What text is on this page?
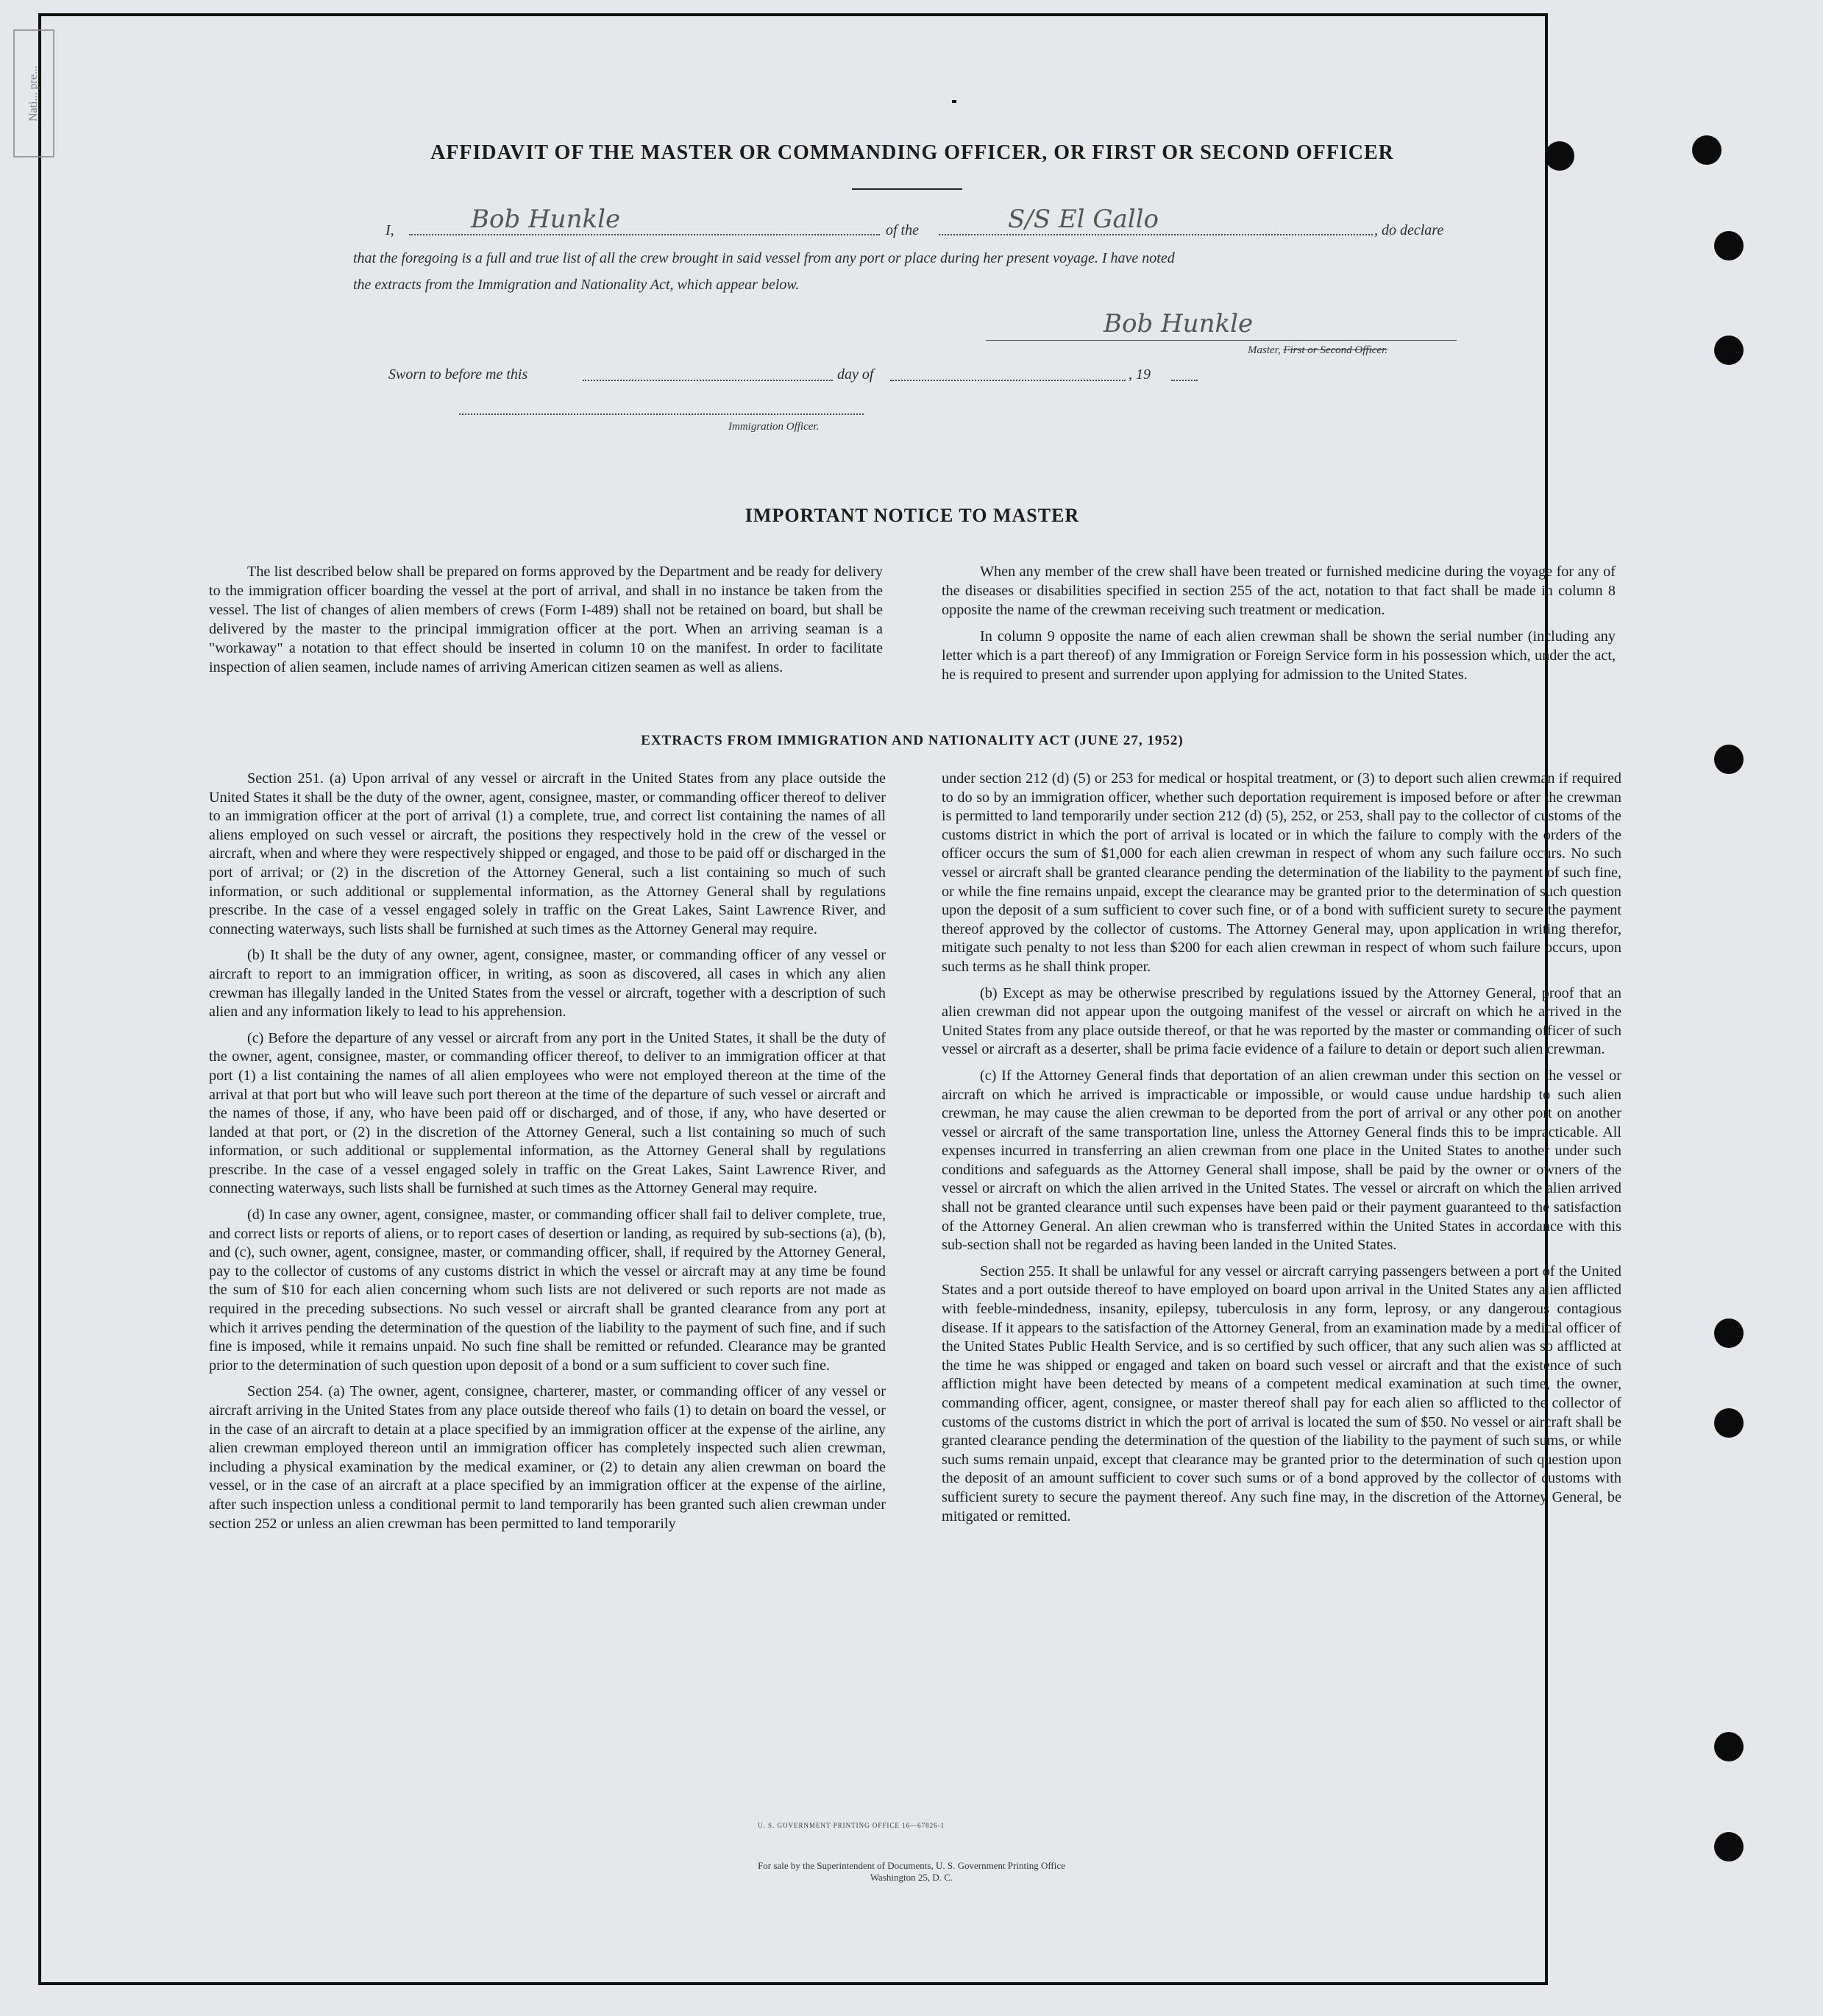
Nati... pre...
AFFIDAVIT OF THE MASTER OR COMMANDING OFFICER, OR FIRST OR SECOND OFFICER
I,	Bob Hunkle	of the	S/S El Gallo	, do declare
that the foregoing is a full and true list of all the crew brought in said vessel from any port or place during her present voyage. I have noted
the extracts from the Immigration and Nationality Act, which appear below.
Bob Hunkle
Master, First or Second Officer.
Sworn to before me this	day of	, 19
Immigration Officer.
IMPORTANT NOTICE TO MASTER

The list described below shall be prepared on forms approved by the Department and be ready for delivery to the immigration officer boarding the vessel at the port of arrival, and shall in no instance be taken from the vessel. The list of changes of alien members of crews (Form I-489) shall not be retained on board, but shall be delivered by the master to the principal immigration officer at the port. When an arriving seaman is a "workaway" a notation to that effect should be inserted in column 10 on the manifest. In order to facilitate inspection of alien seamen, include names of arriving American citizen seamen as well as aliens.

When any member of the crew shall have been treated or furnished medicine during the voyage for any of the diseases or disabilities specified in section 255 of the act, notation to that fact shall be made in column 8 opposite the name of the crewman receiving such treatment or medication.

In column 9 opposite the name of each alien crewman shall be shown the serial number (including any letter which is a part thereof) of any Immigration or Foreign Service form in his possession which, under the act, he is required to present and surrender upon applying for admission to the United States.

EXTRACTS FROM IMMIGRATION AND NATIONALITY ACT (JUNE 27, 1952)

Section 251. (a) Upon arrival of any vessel or aircraft in the United States from any place outside the United States it shall be the duty of the owner, agent, consignee, master, or commanding officer thereof to deliver to an immigration officer at the port of arrival (1) a complete, true, and correct list containing the names of all aliens employed on such vessel or aircraft, the positions they respectively hold in the crew of the vessel or aircraft, when and where they were respectively shipped or engaged, and those to be paid off or discharged in the port of arrival; or (2) in the discretion of the Attorney General, such a list containing so much of such information, or such additional or supplemental information, as the Attorney General shall by regulations prescribe. In the case of a vessel engaged solely in traffic on the Great Lakes, Saint Lawrence River, and connecting waterways, such lists shall be furnished at such times as the Attorney General may require.

(b) It shall be the duty of any owner, agent, consignee, master, or commanding officer of any vessel or aircraft to report to an immigration officer, in writing, as soon as discovered, all cases in which any alien crewman has illegally landed in the United States from the vessel or aircraft, together with a description of such alien and any information likely to lead to his apprehension.

(c) Before the departure of any vessel or aircraft from any port in the United States, it shall be the duty of the owner, agent, consignee, master, or commanding officer thereof, to deliver to an immigration officer at that port (1) a list containing the names of all alien employees who were not employed thereon at the time of the arrival at that port but who will leave such port thereon at the time of the departure of such vessel or aircraft and the names of those, if any, who have been paid off or discharged, and of those, if any, who have deserted or landed at that port, or (2) in the discretion of the Attorney General, such a list containing so much of such information, or such additional or supplemental information, as the Attorney General shall by regulations prescribe. In the case of a vessel engaged solely in traffic on the Great Lakes, Saint Lawrence River, and connecting waterways, such lists shall be furnished at such times as the Attorney General may require.

(d) In case any owner, agent, consignee, master, or commanding officer shall fail to deliver complete, true, and correct lists or reports of aliens, or to report cases of desertion or landing, as required by sub-sections (a), (b), and (c), such owner, agent, consignee, master, or commanding officer, shall, if required by the Attorney General, pay to the collector of customs of any customs district in which the vessel or aircraft may at any time be found the sum of $10 for each alien concerning whom such lists are not delivered or such reports are not made as required in the preceding subsections. No such vessel or aircraft shall be granted clearance from any port at which it arrives pending the determination of the question of the liability to the payment of such fine, and if such fine is imposed, while it remains unpaid. No such fine shall be remitted or refunded. Clearance may be granted prior to the determination of such question upon deposit of a bond or a sum sufficient to cover such fine.

Section 254. (a) The owner, agent, consignee, charterer, master, or commanding officer of any vessel or aircraft arriving in the United States from any place outside thereof who fails (1) to detain on board the vessel, or in the case of an aircraft to detain at a place specified by an immigration officer at the expense of the airline, any alien crewman employed thereon until an immigration officer has completely inspected such alien crewman, including a physical examination by the medical examiner, or (2) to detain any alien crewman on board the vessel, or in the case of an aircraft at a place specified by an immigration officer at the expense of the airline, after such inspection unless a conditional permit to land temporarily has been granted such alien crewman under section 252 or unless an alien crewman has been permitted to land temporarily

under section 212 (d) (5) or 253 for medical or hospital treatment, or (3) to deport such alien crewman if required to do so by an immigration officer, whether such deportation requirement is imposed before or after the crewman is permitted to land temporarily under section 212 (d) (5), 252, or 253, shall pay to the collector of customs of the customs district in which the port of arrival is located or in which the failure to comply with the orders of the officer occurs the sum of $1,000 for each alien crewman in respect of whom any such failure occurs. No such vessel or aircraft shall be granted clearance pending the determination of the liability to the payment of such fine, or while the fine remains unpaid, except the clearance may be granted prior to the determination of such question upon the deposit of a sum sufficient to cover such fine, or of a bond with sufficient surety to secure the payment thereof approved by the collector of customs. The Attorney General may, upon application in writing therefor, mitigate such penalty to not less than $200 for each alien crewman in respect of whom such failure occurs, upon such terms as he shall think proper.

(b) Except as may be otherwise prescribed by regulations issued by the Attorney General, proof that an alien crewman did not appear upon the outgoing manifest of the vessel or aircraft on which he arrived in the United States from any place outside thereof, or that he was reported by the master or commanding officer of such vessel or aircraft as a deserter, shall be prima facie evidence of a failure to detain or deport such alien crewman.

(c) If the Attorney General finds that deportation of an alien crewman under this section on the vessel or aircraft on which he arrived is impracticable or impossible, or would cause undue hardship to such alien crewman, he may cause the alien crewman to be deported from the port of arrival or any other port on another vessel or aircraft of the same transportation line, unless the Attorney General finds this to be impracticable. All expenses incurred in transferring an alien crewman from one place in the United States to another under such conditions and safeguards as the Attorney General shall impose, shall be paid by the owner or owners of the vessel or aircraft on which the alien arrived in the United States. The vessel or aircraft on which the alien arrived shall not be granted clearance until such expenses have been paid or their payment guaranteed to the satisfaction of the Attorney General. An alien crewman who is transferred within the United States in accordance with this sub-section shall not be regarded as having been landed in the United States.

Section 255. It shall be unlawful for any vessel or aircraft carrying passengers between a port of the United States and a port outside thereof to have employed on board upon arrival in the United States any alien afflicted with feeble-mindedness, insanity, epilepsy, tuberculosis in any form, leprosy, or any dangerous contagious disease. If it appears to the satisfaction of the Attorney General, from an examination made by a medical officer of the United States Public Health Service, and is so certified by such officer, that any such alien was so afflicted at the time he was shipped or engaged and taken on board such vessel or aircraft and that the existence of such affliction might have been detected by means of a competent medical examination at such time, the owner, commanding officer, agent, consignee, or master thereof shall pay for each alien so afflicted to the collector of customs of the customs district in which the port of arrival is located the sum of $50. No vessel or aircraft shall be granted clearance pending the determination of the question of the liability to the payment of such sums, or while such sums remain unpaid, except that clearance may be granted prior to the determination of such question upon the deposit of an amount sufficient to cover such sums or of a bond approved by the collector of customs with sufficient surety to secure the payment thereof. Any such fine may, in the discretion of the Attorney General, be mitigated or remitted.

U. S. GOVERNMENT PRINTING OFFICE 16—67826-1
For sale by the Superintendent of Documents, U. S. Government Printing Office
Washington 25, D. C.
